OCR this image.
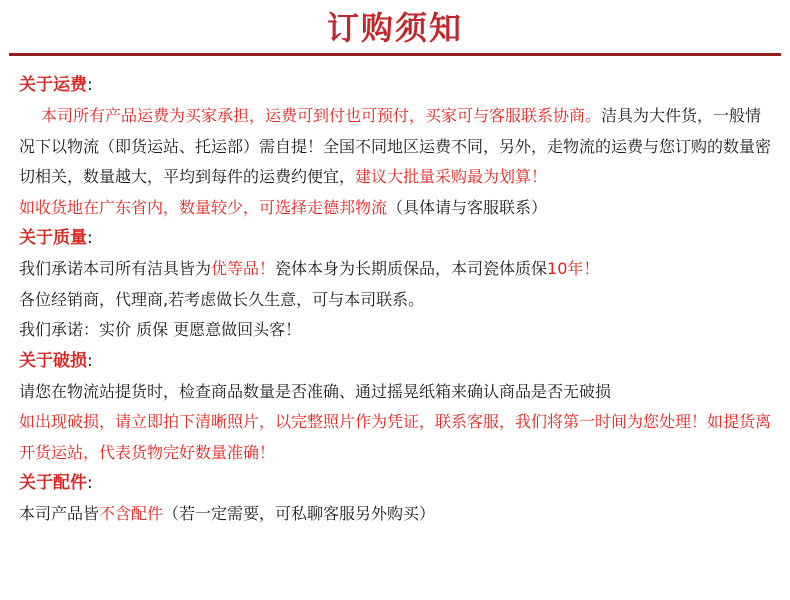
订购须知
关于运费:

本司所有产品运费为买家承担，运费可到付也可预付，买家可与客服联系协商。洁具为大件货，一般情况下以物流（即货运站、托运部）需自提！全国不同地区运费不同，另外，走物流的运费与您订购的数量密切相关，数量越大，平均到每件的运费约便宜，建议大批量采购最为划算！

如收货地在广东省内，数量较少，可选择走德邦物流（具体请与客服联系）

关于质量:

我们承诺本司所有洁具皆为优等品！瓷体本身为长期质保品，本司瓷体质保10年！

各位经销商，代理商,若考虑做长久生意，可与本司联系。

我们承诺：实价 质保 更愿意做回头客！

关于破损:

请您在物流站提货时，检查商品数量是否准确、通过摇晃纸箱来确认商品是否无破损

如出现破损，请立即拍下清晰照片，以完整照片作为凭证，联系客服，我们将第一时间为您处理！如提货离开货运站，代表货物完好数量准确！

关于配件:

本司产品皆不含配件（若一定需要，可私聊客服另外购买）
